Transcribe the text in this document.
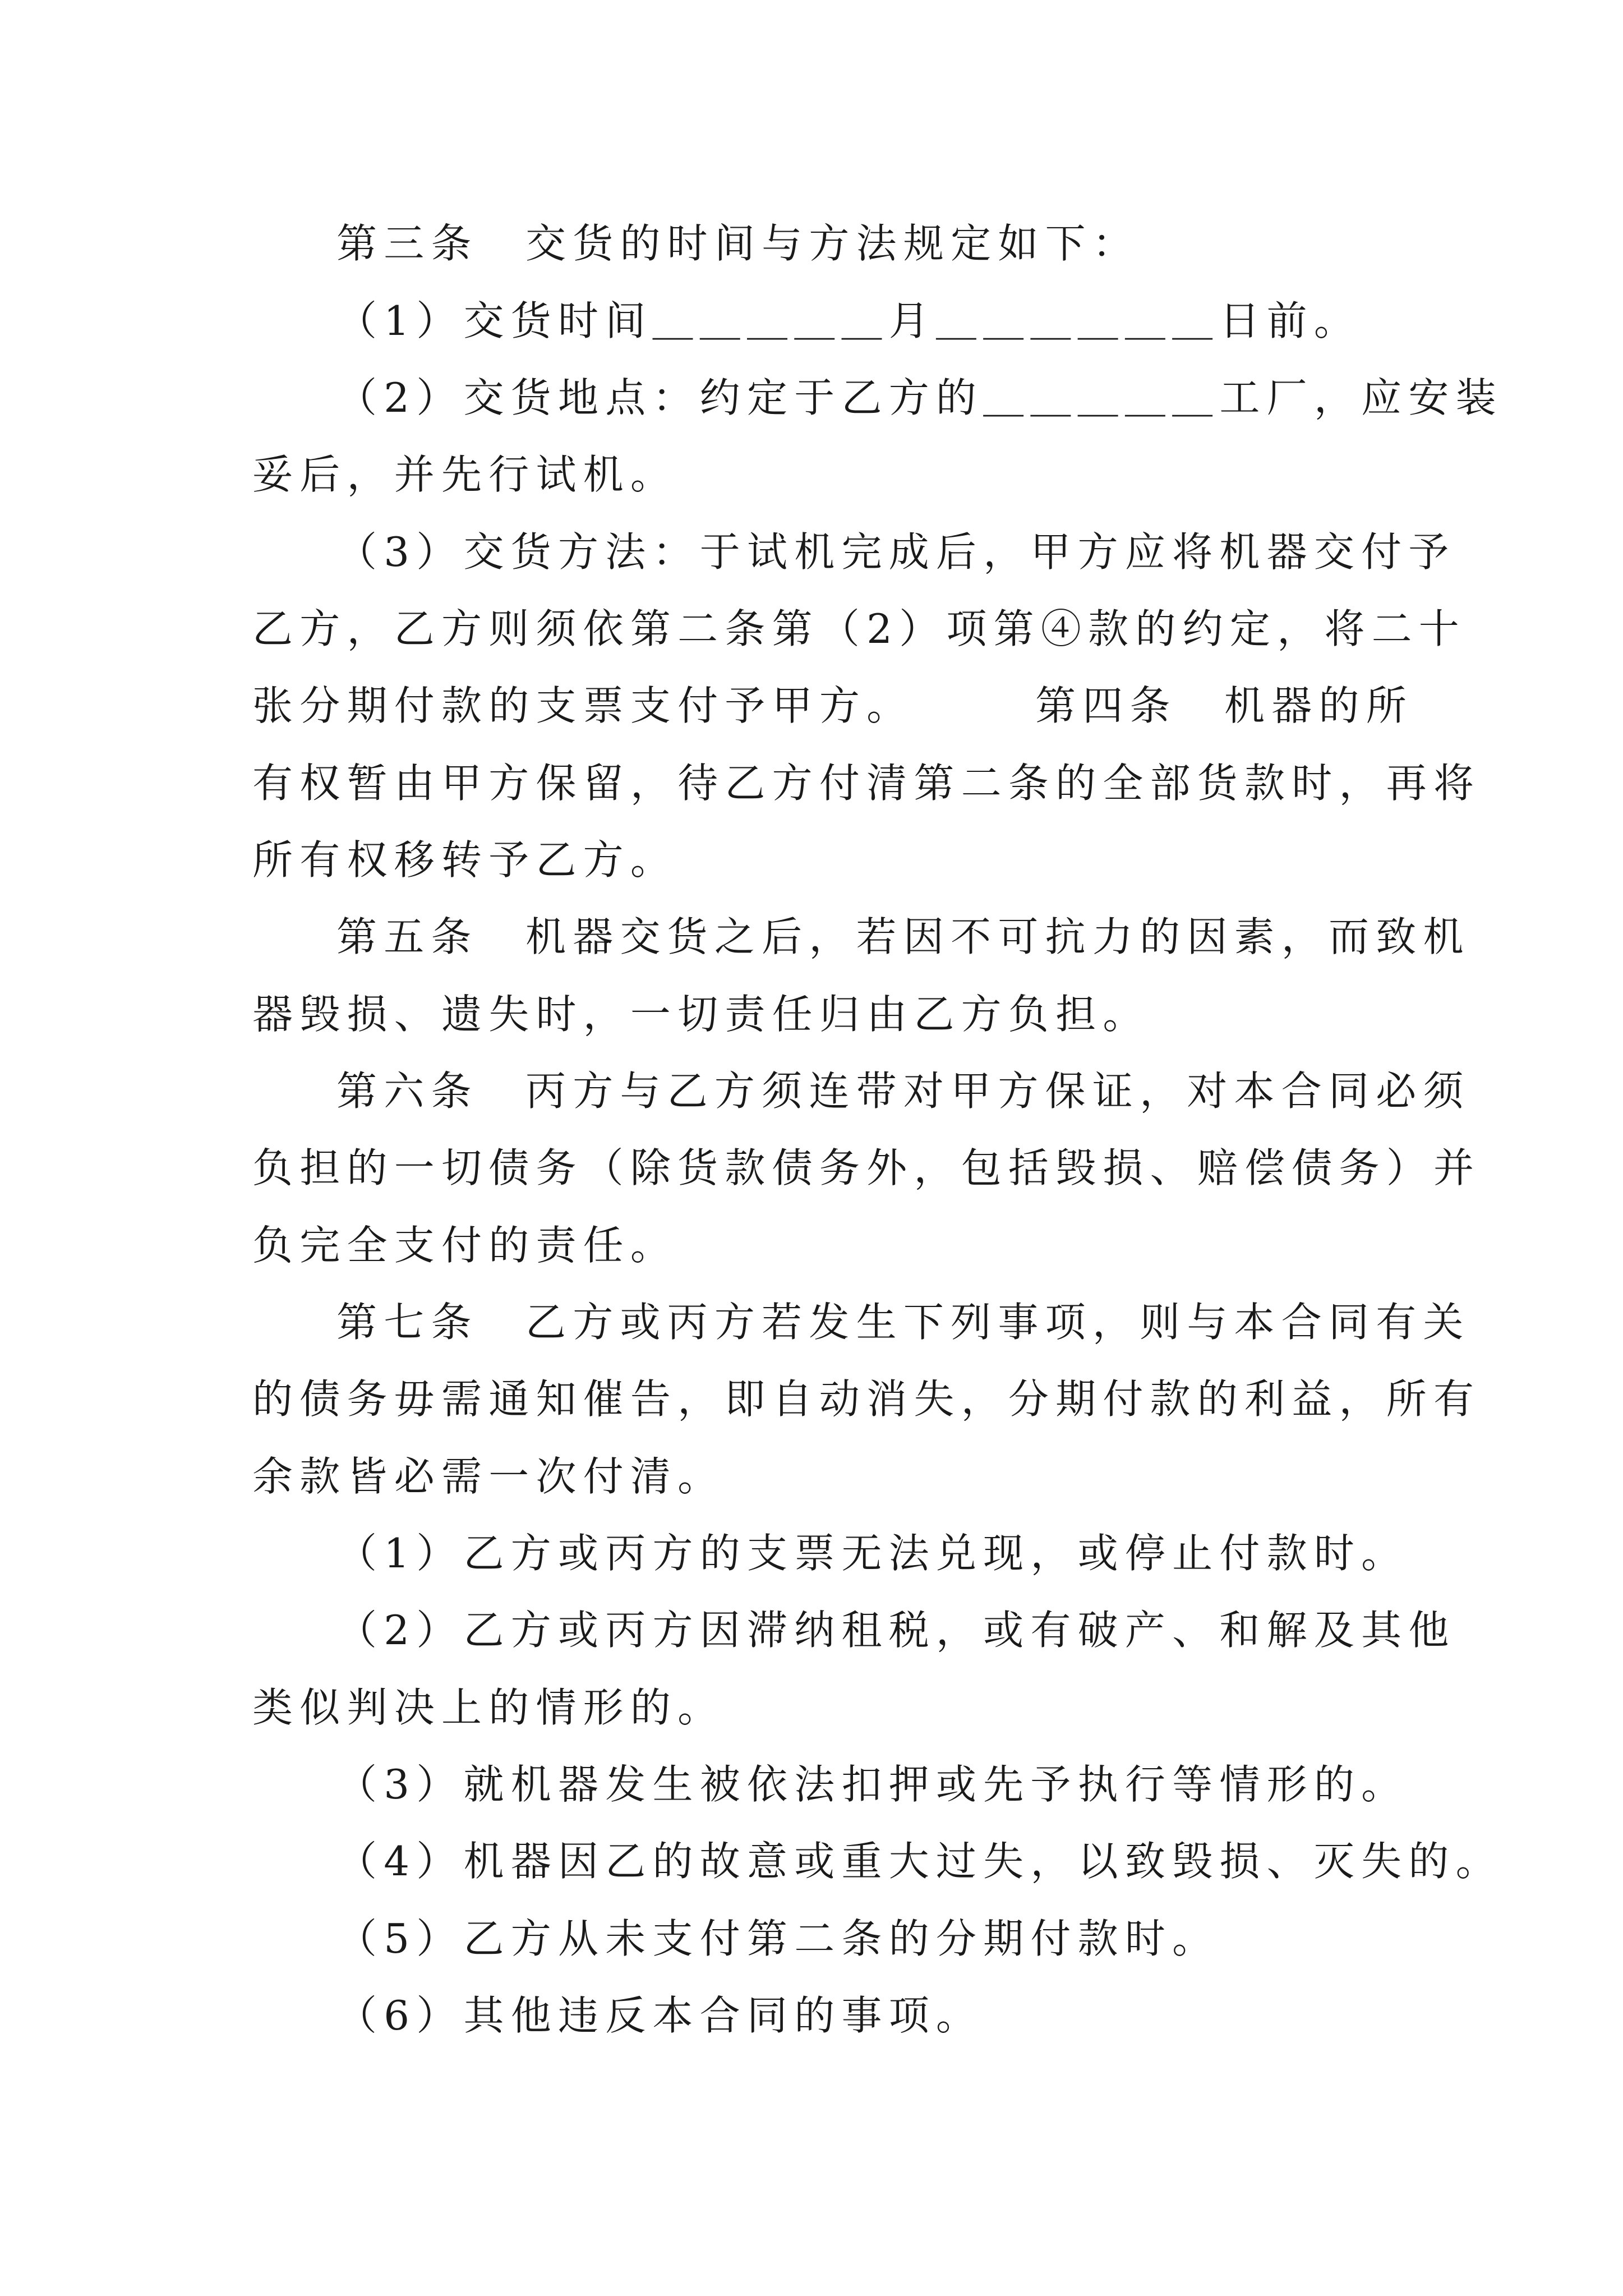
第三条　交货的时间与方法规定如下：
（1）交货时间＿＿＿＿＿月＿＿＿＿＿＿日前。
（2）交货地点：约定于乙方的＿＿＿＿＿工厂，应安装
妥后，并先行试机。
（3）交货方法：于试机完成后，甲方应将机器交付予
乙方，乙方则须依第二条第（2）项第④款的约定，将二十
张分期付款的支票支付予甲方。　　　第四条　机器的所
有权暂由甲方保留，待乙方付清第二条的全部货款时，再将
所有权移转予乙方。
第五条　机器交货之后，若因不可抗力的因素，而致机
器毁损、遗失时，一切责任归由乙方负担。
第六条　丙方与乙方须连带对甲方保证，对本合同必须
负担的一切债务（除货款债务外，包括毁损、赔偿债务）并
负完全支付的责任。
第七条　乙方或丙方若发生下列事项，则与本合同有关
的债务毋需通知催告，即自动消失，分期付款的利益，所有
余款皆必需一次付清。
（1）乙方或丙方的支票无法兑现，或停止付款时。
（2）乙方或丙方因滞纳租税，或有破产、和解及其他
类似判决上的情形的。
（3）就机器发生被依法扣押或先予执行等情形的。
（4）机器因乙的故意或重大过失，以致毁损、灭失的。
（5）乙方从未支付第二条的分期付款时。
（6）其他违反本合同的事项。
